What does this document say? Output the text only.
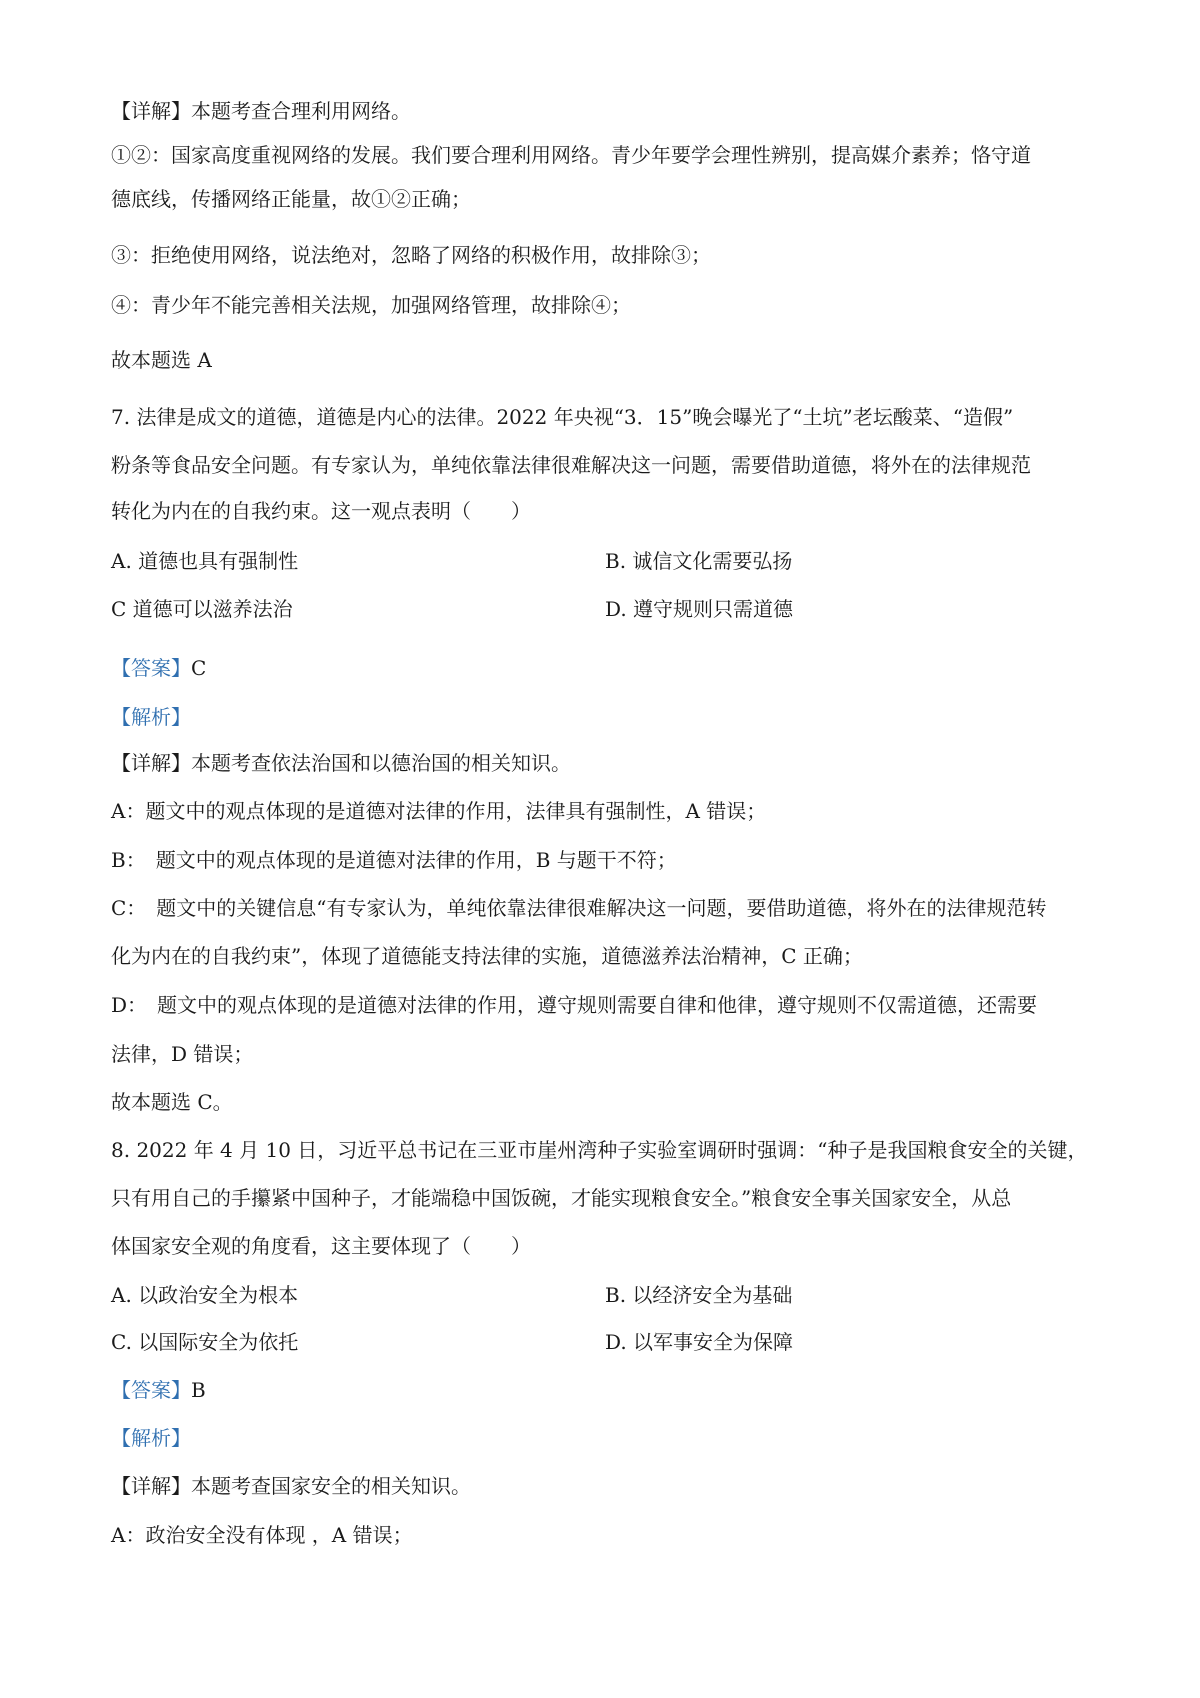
【详解】本题考查合理利用网络。
①②：国家高度重视网络的发展。我们要合理利用网络。青少年要学会理性辨别，提高媒介素养；恪守道
德底线，传播网络正能量，故①②正确；
③：拒绝使用网络，说法绝对，忽略了网络的积极作用，故排除③；
④：青少年不能完善相关法规，加强网络管理，故排除④；
故本题选 A
7. 法律是成文的道德，道德是内心的法律。2022 年央视“3．15”晚会曝光了“土坑”老坛酸菜、“造假”
粉条等食品安全问题。有专家认为，单纯依靠法律很难解决这一问题，需要借助道德，将外在的法律规范
转化为内在的自我约束。这一观点表明（　　）
A. 道德也具有强制性	B. 诚信文化需要弘扬
C 道德可以滋养法治	D. 遵守规则只需道德
【答案】C
【解析】
【详解】本题考查依法治国和以德治国的相关知识。
A：题文中的观点体现的是道德对法律的作用，法律具有强制性，A 错误；
B：　题文中的观点体现的是道德对法律的作用，B 与题干不符；
C：　题文中的关键信息“有专家认为，单纯依靠法律很难解决这一问题，要借助道德，将外在的法律规范转
化为内在的自我约束”，体现了道德能支持法律的实施，道德滋养法治精神，C 正确；
D：　题文中的观点体现的是道德对法律的作用，遵守规则需要自律和他律，遵守规则不仅需道德，还需要
法律，D 错误；
故本题选 C。
8. 2022 年 4 月 10 日，习近平总书记在三亚市崖州湾种子实验室调研时强调：“种子是我国粮食安全的关键，
只有用自己的手攥紧中国种子，才能端稳中国饭碗，才能实现粮食安全。”粮食安全事关国家安全，从总
体国家安全观的角度看，这主要体现了（　　）
A. 以政治安全为根本	B. 以经济安全为基础
C. 以国际安全为依托	D. 以军事安全为保障
【答案】B
【解析】
【详解】本题考查国家安全的相关知识。
A：政治安全没有体现 ，A 错误；
